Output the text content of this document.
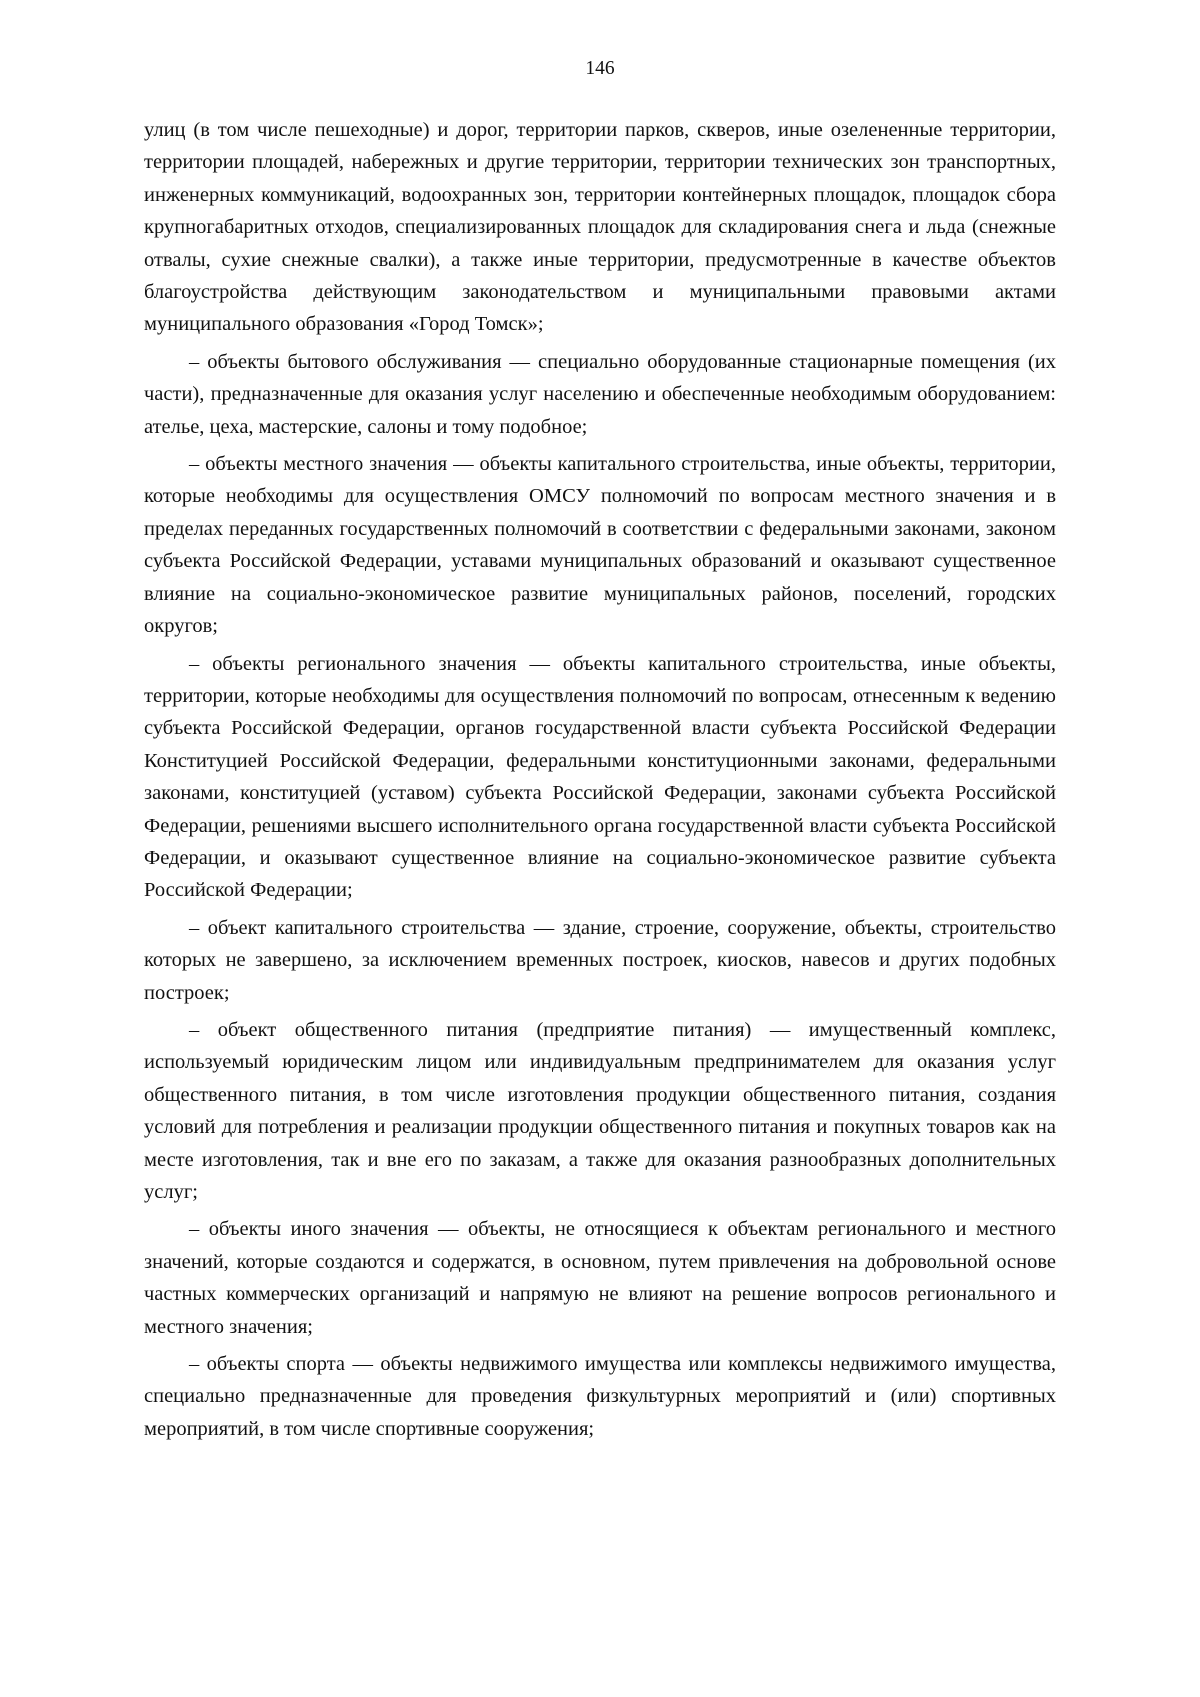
146

улиц (в том числе пешеходные) и дорог, территории парков, скверов, иные озелененные территории, территории площадей, набережных и другие территории, территории технических зон транспортных, инженерных коммуникаций, водоохранных зон, территории контейнерных площадок, площадок сбора крупногабаритных отходов, специализированных площадок для складирования снега и льда (снежные отвалы, сухие снежные свалки), а также иные территории, предусмотренные в качестве объектов благоустройства действующим законодательством и муниципальными правовыми актами муниципального образования «Город Томск»;

– объекты бытового обслуживания — специально оборудованные стационарные помещения (их части), предназначенные для оказания услуг населению и обеспеченные необходимым оборудованием: ателье, цеха, мастерские, салоны и тому подобное;

– объекты местного значения — объекты капитального строительства, иные объекты, территории, которые необходимы для осуществления ОМСУ полномочий по вопросам местного значения и в пределах переданных государственных полномочий в соответствии с федеральными законами, законом субъекта Российской Федерации, уставами муниципальных образований и оказывают существенное влияние на социально-экономическое развитие муниципальных районов, поселений, городских округов;

– объекты регионального значения — объекты капитального строительства, иные объекты, территории, которые необходимы для осуществления полномочий по вопросам, отнесенным к ведению субъекта Российской Федерации, органов государственной власти субъекта Российской Федерации Конституцией Российской Федерации, федеральными конституционными законами, федеральными законами, конституцией (уставом) субъекта Российской Федерации, законами субъекта Российской Федерации, решениями высшего исполнительного органа государственной власти субъекта Российской Федерации, и оказывают существенное влияние на социально-экономическое развитие субъекта Российской Федерации;

– объект капитального строительства — здание, строение, сооружение, объекты, строительство которых не завершено, за исключением временных построек, киосков, навесов и других подобных построек;

– объект общественного питания (предприятие питания) — имущественный комплекс, используемый юридическим лицом или индивидуальным предпринимателем для оказания услуг общественного питания, в том числе изготовления продукции общественного питания, создания условий для потребления и реализации продукции общественного питания и покупных товаров как на месте изготовления, так и вне его по заказам, а также для оказания разнообразных дополнительных услуг;

– объекты иного значения — объекты, не относящиеся к объектам регионального и местного значений, которые создаются и содержатся, в основном, путем привлечения на добровольной основе частных коммерческих организаций и напрямую не влияют на решение вопросов регионального и местного значения;

– объекты спорта — объекты недвижимого имущества или комплексы недвижимого имущества, специально предназначенные для проведения физкультурных мероприятий и (или) спортивных мероприятий, в том числе спортивные сооружения;
